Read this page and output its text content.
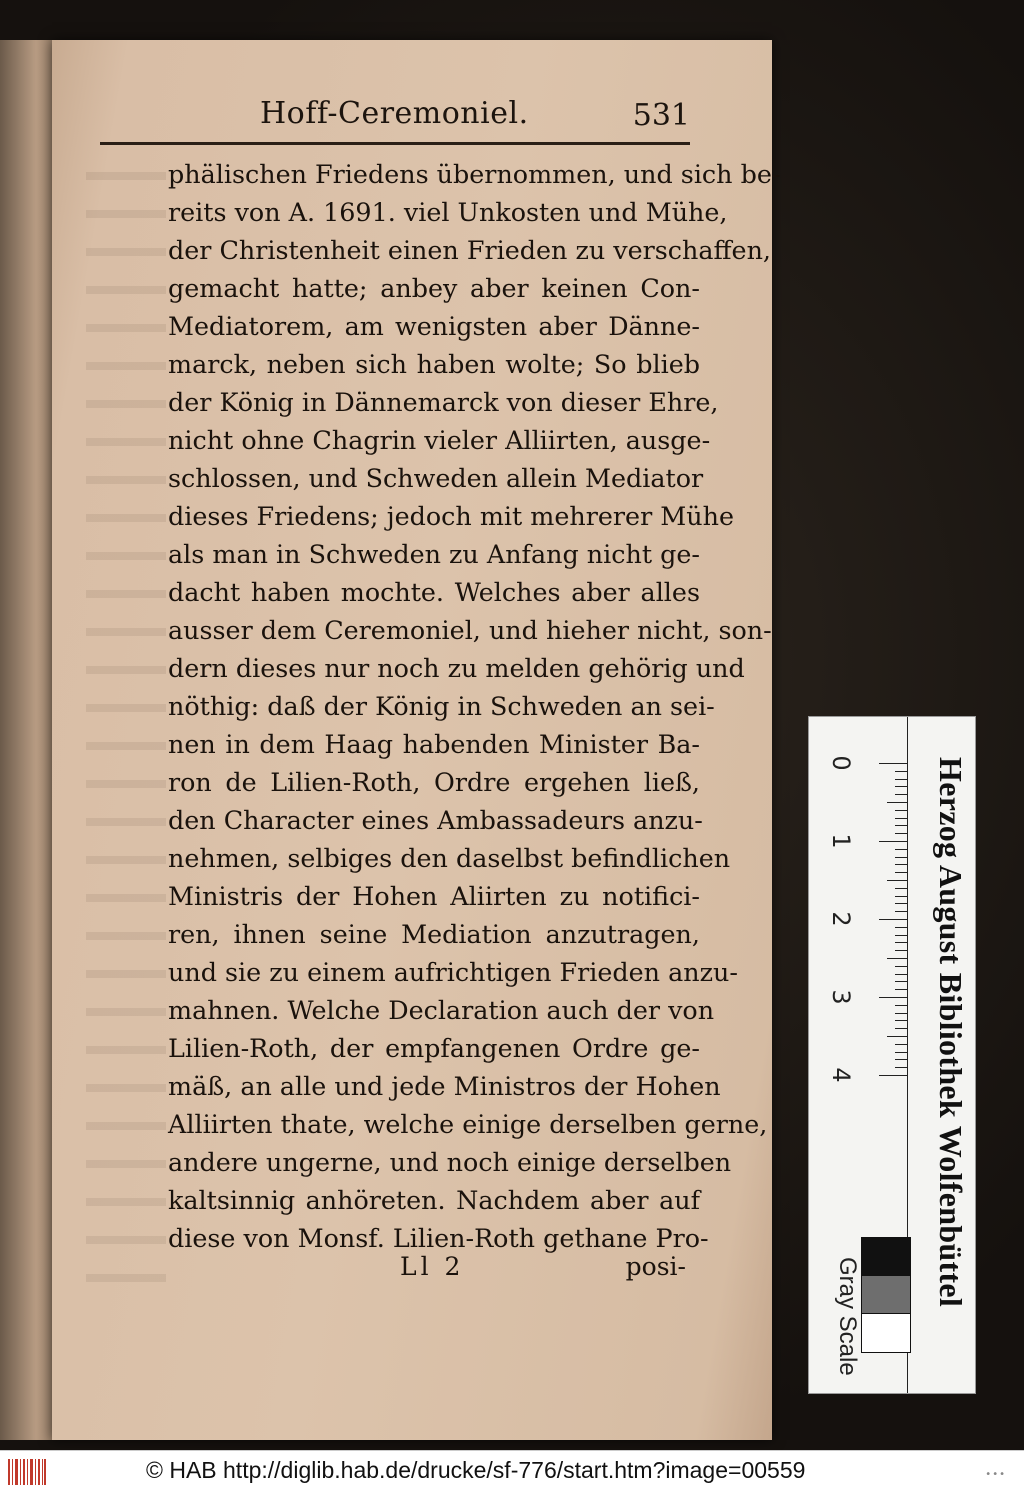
Hoff-Ceremoniel.	531
phälischen Friedens übernommen, und sich be-
reits von A. 1691. viel Unkosten und Mühe,
der Christenheit einen Frieden zu verschaffen,
gemacht hatte; anbey aber keinen Con-
Mediatorem, am wenigsten aber Dänne-
marck, neben sich haben wolte; So blieb
der König in Dännemarck von dieser Ehre,
nicht ohne Chagrin vieler Alliirten, ausge-
schlossen, und Schweden allein Mediator
dieses Friedens; jedoch mit mehrerer Mühe
als man in Schweden zu Anfang nicht ge-
dacht haben mochte. Welches aber alles
ausser dem Ceremoniel, und hieher nicht, son-
dern dieses nur noch zu melden gehörig und
nöthig: daß der König in Schweden an sei-
nen in dem Haag habenden Minister Ba-
ron de Lilien-Roth, Ordre ergehen ließ,
den Character eines Ambassadeurs anzu-
nehmen, selbiges den daselbst befindlichen
Ministris der Hohen Aliirten zu notifici-
ren, ihnen seine Mediation anzutragen,
und sie zu einem aufrichtigen Frieden anzu-
mahnen. Welche Declaration auch der von
Lilien-Roth, der empfangenen Ordre ge-
mäß, an alle und jede Ministros der Hohen
Alliirten thate, welche einige derselben gerne,
andere ungerne, und noch einige derselben
kaltsinnig anhöreten. Nachdem aber auf
diese von Monsf. Lilien-Roth gethane Pro-
Ll 2	posi-
0
1
2
3
4
Gray Scale
Herzog August Bibliothek Wolfenbüttel
© HAB http://diglib.hab.de/drucke/sf-776/start.htm?image=00559	•••
